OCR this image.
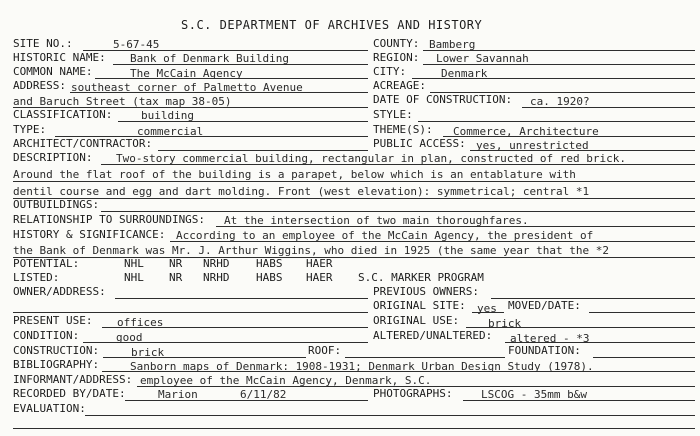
S.C. DEPARTMENT OF ARCHIVES AND HISTORY
SITE NO.:	5-67-45	COUNTY: Bamberg
HISTORIC NAME: Bank of Denmark Building	REGION: Lower Savannah
COMMON NAME:	The McCain Agency	CITY:	Denmark
ADDRESS: southeast corner of Palmetto Avenue	ACREAGE:
and Baruch Street (tax map 38-05)	DATE OF CONSTRUCTION: ca. 1920?
CLASSIFICATION:	building	STYLE:
TYPE:	commercial	THEME(S): Commerce, Architecture
ARCHITECT/CONTRACTOR:	PUBLIC ACCESS: yes, unrestricted
DESCRIPTION: Two-story commercial building, rectangular in plan, constructed of red brick.
Around the flat roof of the building is a parapet, below which is an entablature with
dentil course and egg and dart molding. Front (west elevation): symmetrical; central *1
OUTBUILDINGS:
RELATIONSHIP TO SURROUNDINGS: At the intersection of two main thoroughfares.
HISTORY & SIGNIFICANCE: According to an employee of the McCain Agency, the president of
the Bank of Denmark was Mr. J. Arthur Wiggins, who died in 1925 (the same year that the *2
POTENTIAL:	NHL NR NRHD HABS HAER
LISTED:	NHL NR NRHD HABS HAER S.C. MARKER PROGRAM
OWNER/ADDRESS:	PREVIOUS OWNERS:
ORIGINAL SITE: yes MOVED/DATE:
PRESENT USE: offices	ORIGINAL USE:	brick
CONDITION:	good	ALTERED/UNALTERED: altered - *3
CONSTRUCTION:	brick	ROOF:	FOUNDATION:
BIBLIOGRAPHY:	Sanborn maps of Denmark: 1908-1931; Denmark Urban Design Study (1978).
INFORMANT/ADDRESS: employee of the McCain Agency, Denmark, S.C.
RECORDED BY/DATE:	Marion	6/11/82	PHOTOGRAPHS:	LSCOG - 35mm b&w
EVALUATION:
